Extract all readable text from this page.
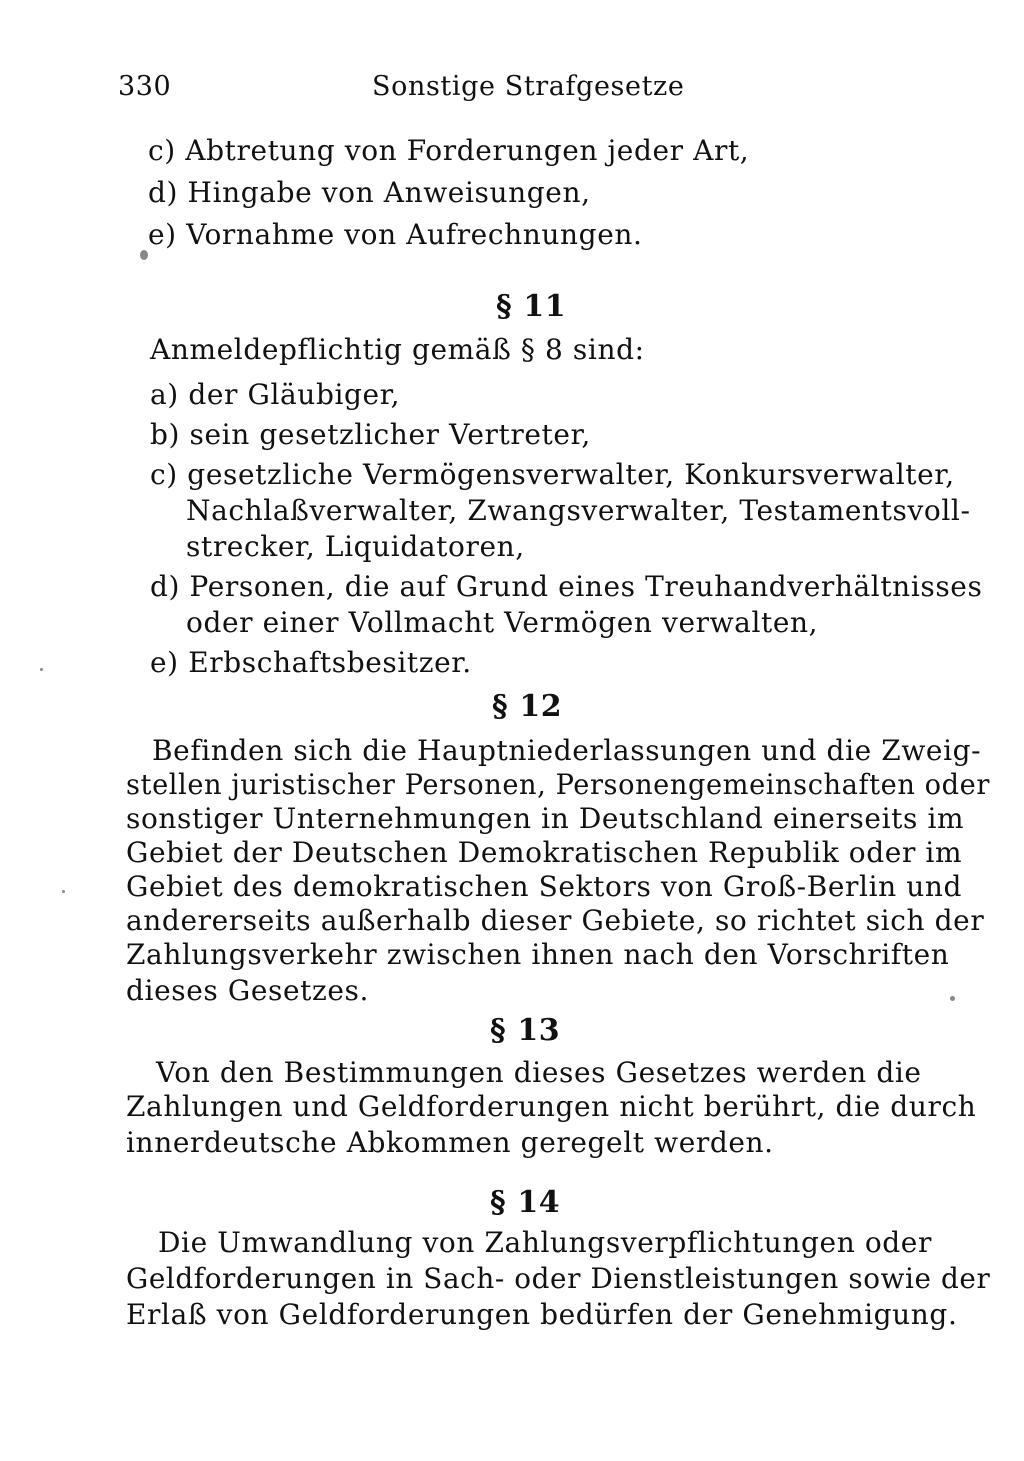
330	Sonstige Strafgesetze
c) Abtretung von Forderungen jeder Art,
d) Hingabe von Anweisungen,
e) Vornahme von Aufrechnungen.
§ 11
Anmeldepflichtig gemäß § 8 sind:
a) der Gläubiger,
b) sein gesetzlicher Vertreter,
c) gesetzliche Vermögensverwalter, Konkursverwalter,
Nachlaßverwalter, Zwangsverwalter, Testamentsvoll-
strecker, Liquidatoren,
d) Personen, die auf Grund eines Treuhandverhältnisses
oder einer Vollmacht Vermögen verwalten,
e) Erbschaftsbesitzer.
§ 12
Befinden sich die Hauptniederlassungen und die Zweig-
stellen juristischer Personen, Personengemeinschaften oder
sonstiger Unternehmungen in Deutschland einerseits im
Gebiet der Deutschen Demokratischen Republik oder im
Gebiet des demokratischen Sektors von Groß-Berlin und
andererseits außerhalb dieser Gebiete, so richtet sich der
Zahlungsverkehr zwischen ihnen nach den Vorschriften
dieses Gesetzes.
§ 13
Von den Bestimmungen dieses Gesetzes werden die
Zahlungen und Geldforderungen nicht berührt, die durch
innerdeutsche Abkommen geregelt werden.
§ 14
Die Umwandlung von Zahlungsverpflichtungen oder
Geldforderungen in Sach- oder Dienstleistungen sowie der
Erlaß von Geldforderungen bedürfen der Genehmigung.
